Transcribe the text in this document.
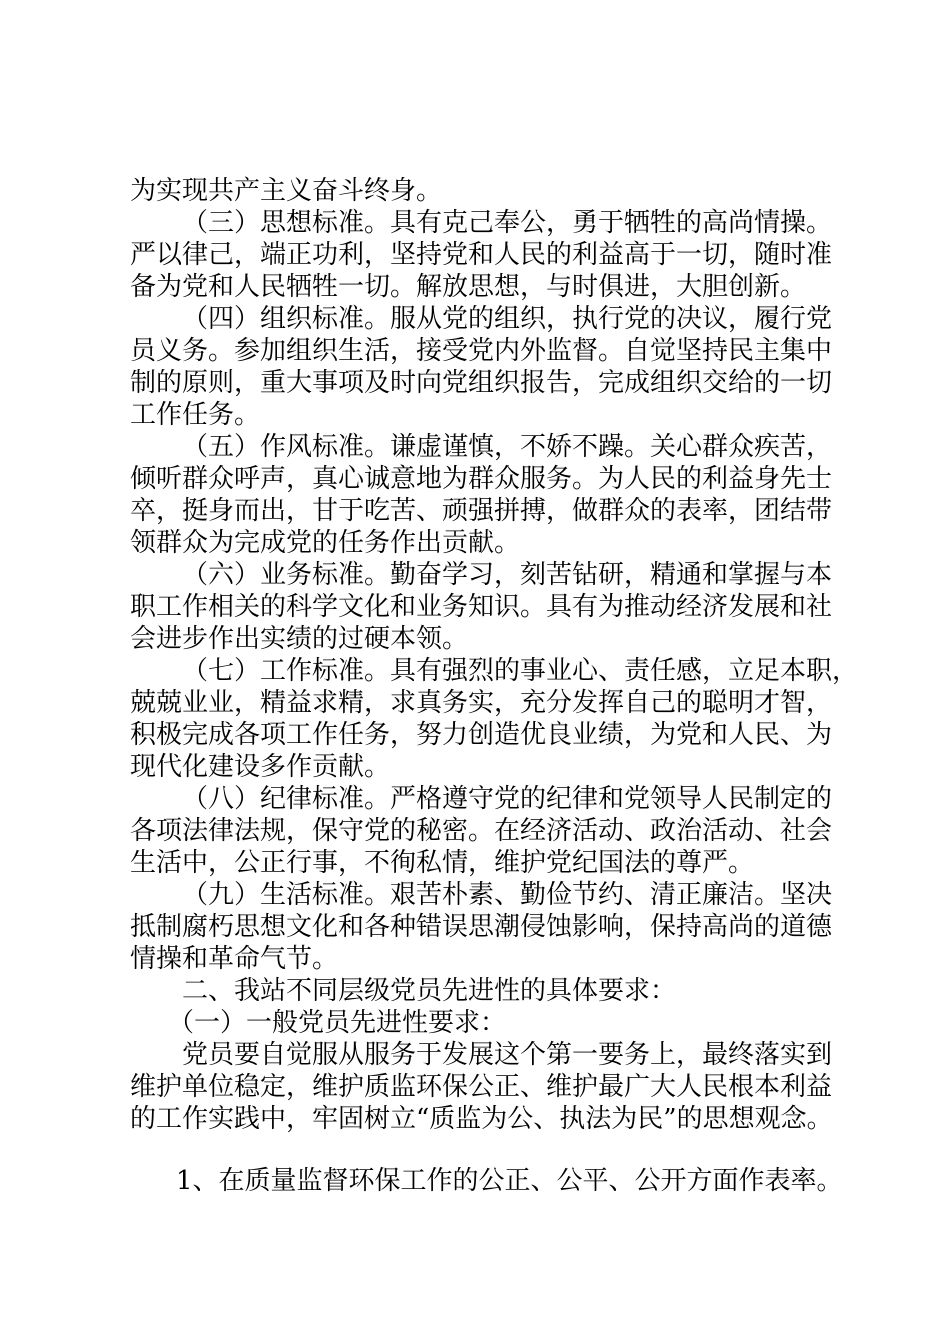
为实现共产主义奋斗终身。
（三）思想标准。具有克己奉公，勇于牺牲的高尚情操。
严以律己，端正功利，坚持党和人民的利益高于一切，随时准
备为党和人民牺牲一切。解放思想，与时俱进，大胆创新。
（四）组织标准。服从党的组织，执行党的决议，履行党
员义务。参加组织生活，接受党内外监督。自觉坚持民主集中
制的原则，重大事项及时向党组织报告，完成组织交给的一切
工作任务。
（五）作风标准。谦虚谨慎，不娇不躁。关心群众疾苦，
倾听群众呼声，真心诚意地为群众服务。为人民的利益身先士
卒，挺身而出，甘于吃苦、顽强拼搏，做群众的表率，团结带
领群众为完成党的任务作出贡献。
（六）业务标准。勤奋学习，刻苦钻研，精通和掌握与本
职工作相关的科学文化和业务知识。具有为推动经济发展和社
会进步作出实绩的过硬本领。
（七）工作标准。具有强烈的事业心、责任感，立足本职，
兢兢业业，精益求精，求真务实，充分发挥自己的聪明才智，
积极完成各项工作任务，努力创造优良业绩，为党和人民、为
现代化建设多作贡献。
（八）纪律标准。严格遵守党的纪律和党领导人民制定的
各项法律法规，保守党的秘密。在经济活动、政治活动、社会
生活中，公正行事，不徇私情，维护党纪国法的尊严。
（九）生活标准。艰苦朴素、勤俭节约、清正廉洁。坚决
抵制腐朽思想文化和各种错误思潮侵蚀影响，保持高尚的道德
情操和革命气节。
二、我站不同层级党员先进性的具体要求：
（一）一般党员先进性要求：
党员要自觉服从服务于发展这个第一要务上，最终落实到
维护单位稳定，维护质监环保公正、维护最广大人民根本利益
的工作实践中，牢固树立“质监为公、执法为民”的思想观念。
1、在质量监督环保工作的公正、公平、公开方面作表率。
